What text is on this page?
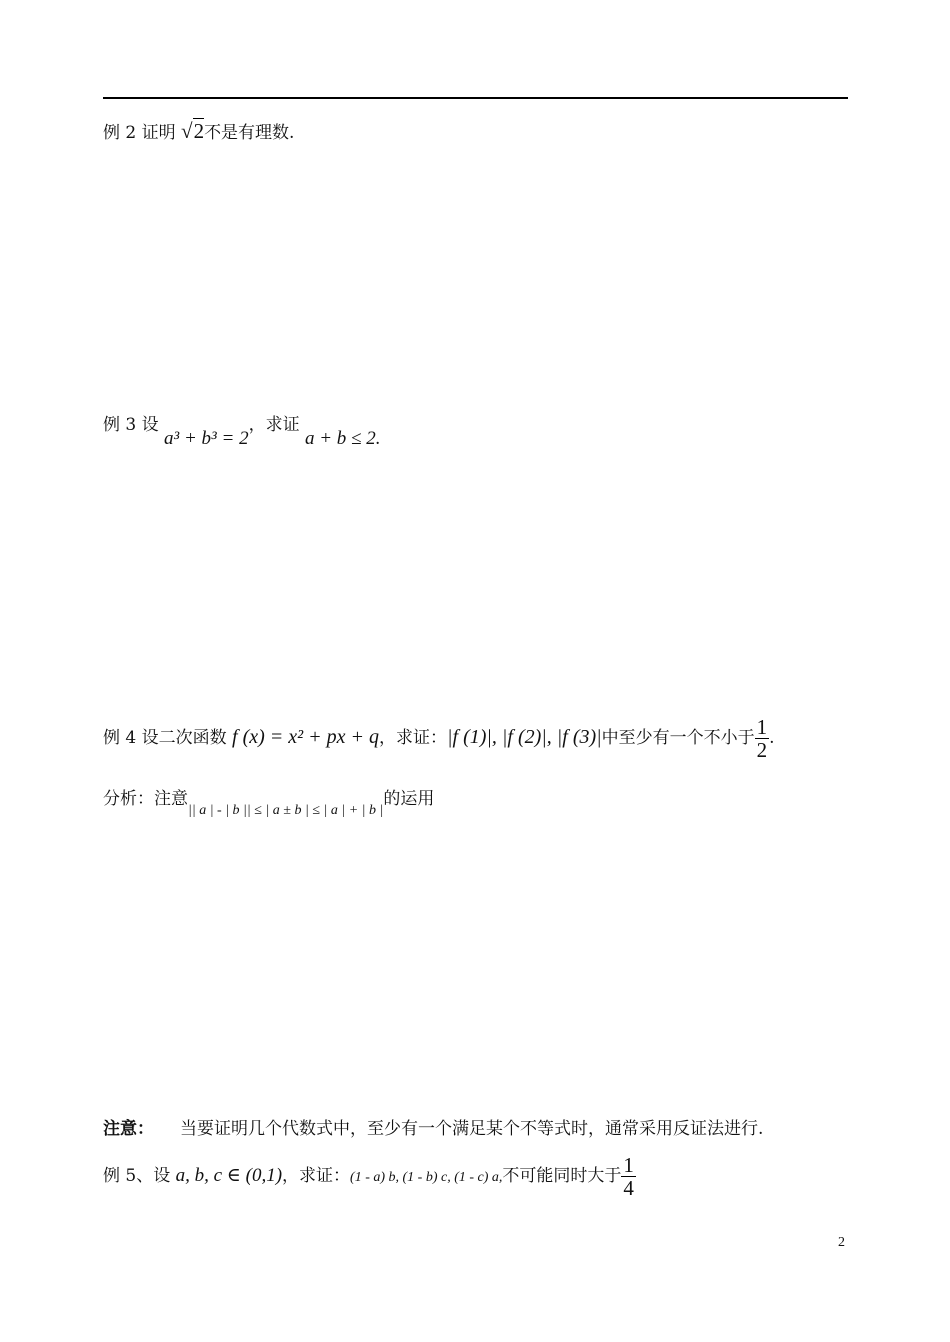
例 2 证明 √2不是有理数.
例 3 设 a³ + b³ = 2，求证 a + b ≤ 2.
例 4 设二次函数 f (x) = x² + px + q，求证：|f (1)|, |f (2)|, |f (3)|中至少有一个不小于 $\frac{1}{2}$ .
分析：注意$_{|| a | - | b || \le | a \pm b | \le | a | + | b |}$的运用
注意： 当要证明几个代数式中，至少有一个满足某个不等式时，通常采用反证法进行.
例 5、设 a, b, c ∈ (0,1)，求证：(1 - a) b, (1 - b) c, (1 - c) a,不可能同时大于 $\frac{1}{4}$
2
